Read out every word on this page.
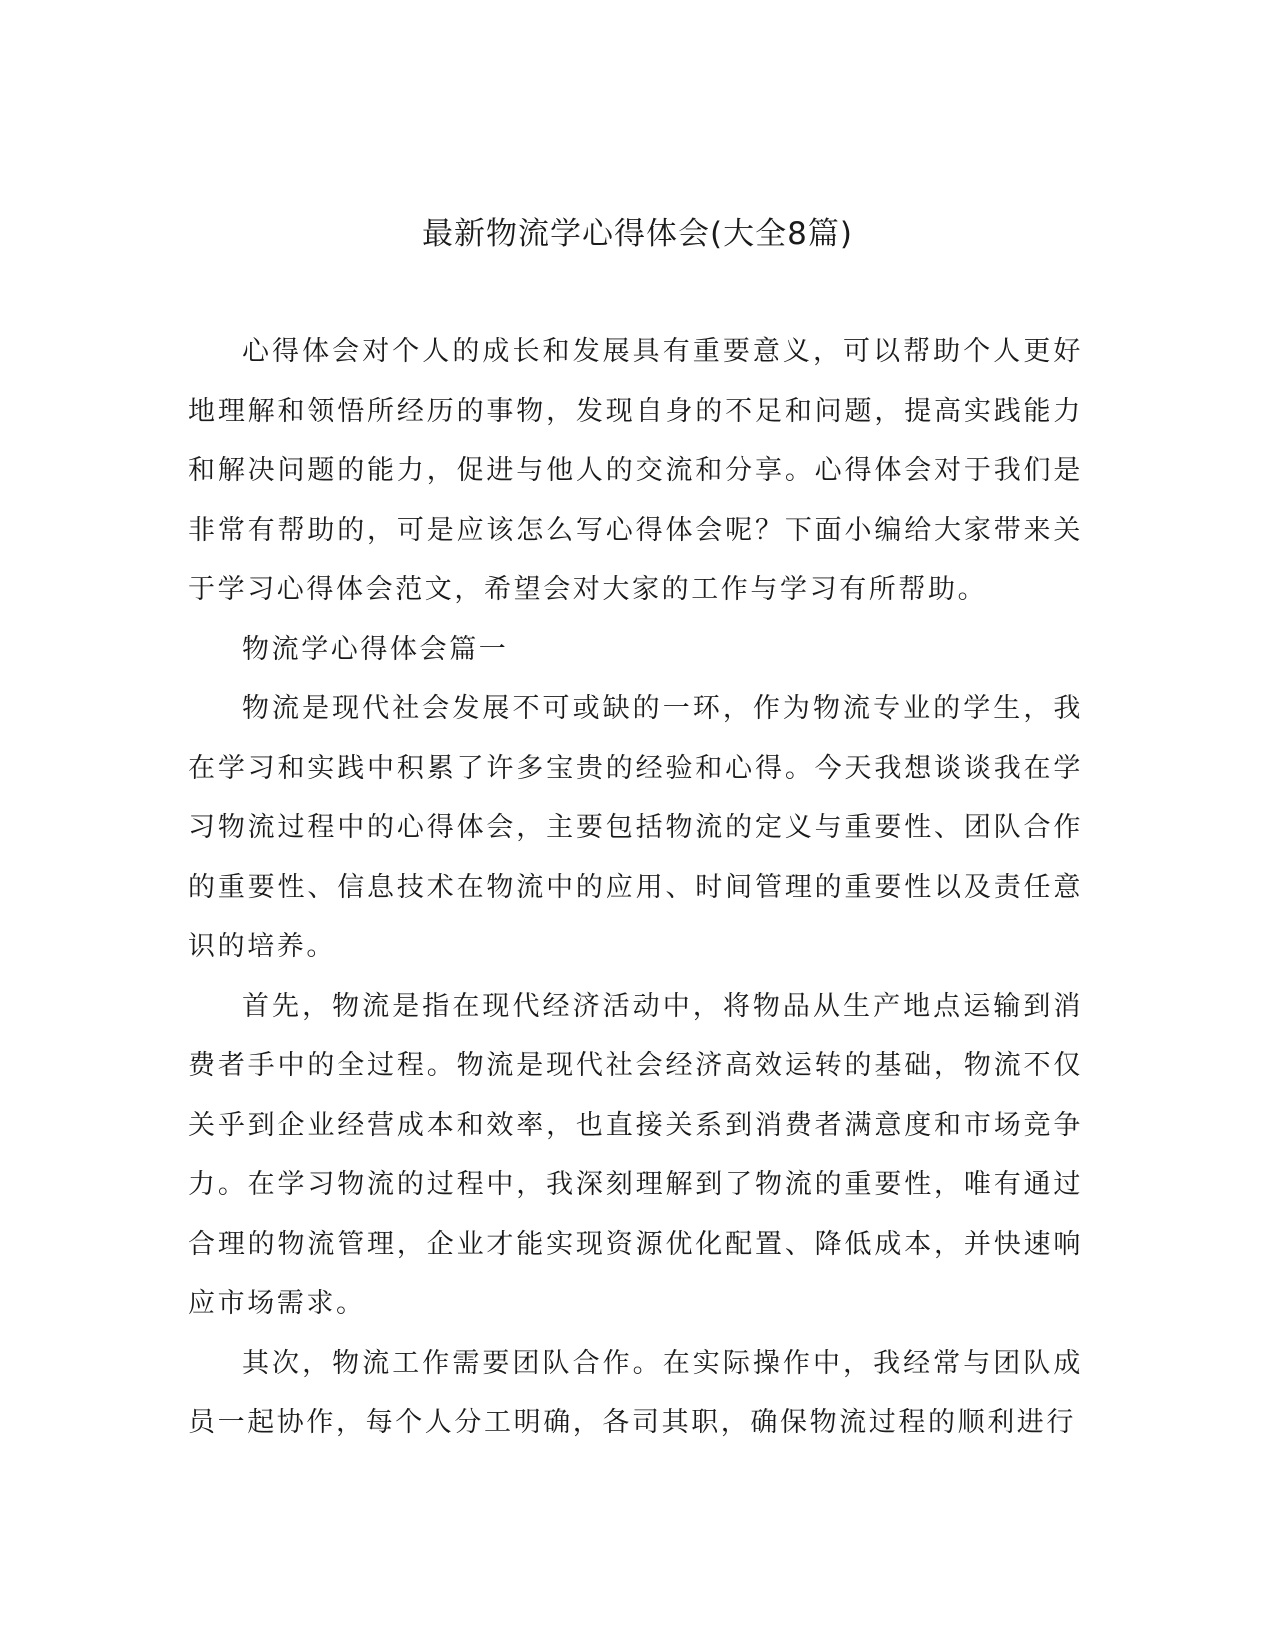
最新物流学心得体会(大全8篇)

心得体会对个人的成长和发展具有重要意义，可以帮助个人更好地理解和领悟所经历的事物，发现自身的不足和问题，提高实践能力和解决问题的能力，促进与他人的交流和分享。心得体会对于我们是非常有帮助的，可是应该怎么写心得体会呢？下面小编给大家带来关于学习心得体会范文，希望会对大家的工作与学习有所帮助。

物流学心得体会篇一

物流是现代社会发展不可或缺的一环，作为物流专业的学生，我在学习和实践中积累了许多宝贵的经验和心得。今天我想谈谈我在学习物流过程中的心得体会，主要包括物流的定义与重要性、团队合作的重要性、信息技术在物流中的应用、时间管理的重要性以及责任意识的培养。

首先，物流是指在现代经济活动中，将物品从生产地点运输到消费者手中的全过程。物流是现代社会经济高效运转的基础，物流不仅关乎到企业经营成本和效率，也直接关系到消费者满意度和市场竞争力。在学习物流的过程中，我深刻理解到了物流的重要性，唯有通过合理的物流管理，企业才能实现资源优化配置、降低成本，并快速响应市场需求。

其次，物流工作需要团队合作。在实际操作中，我经常与团队成员一起协作，每个人分工明确，各司其职，确保物流过程的顺利进行
